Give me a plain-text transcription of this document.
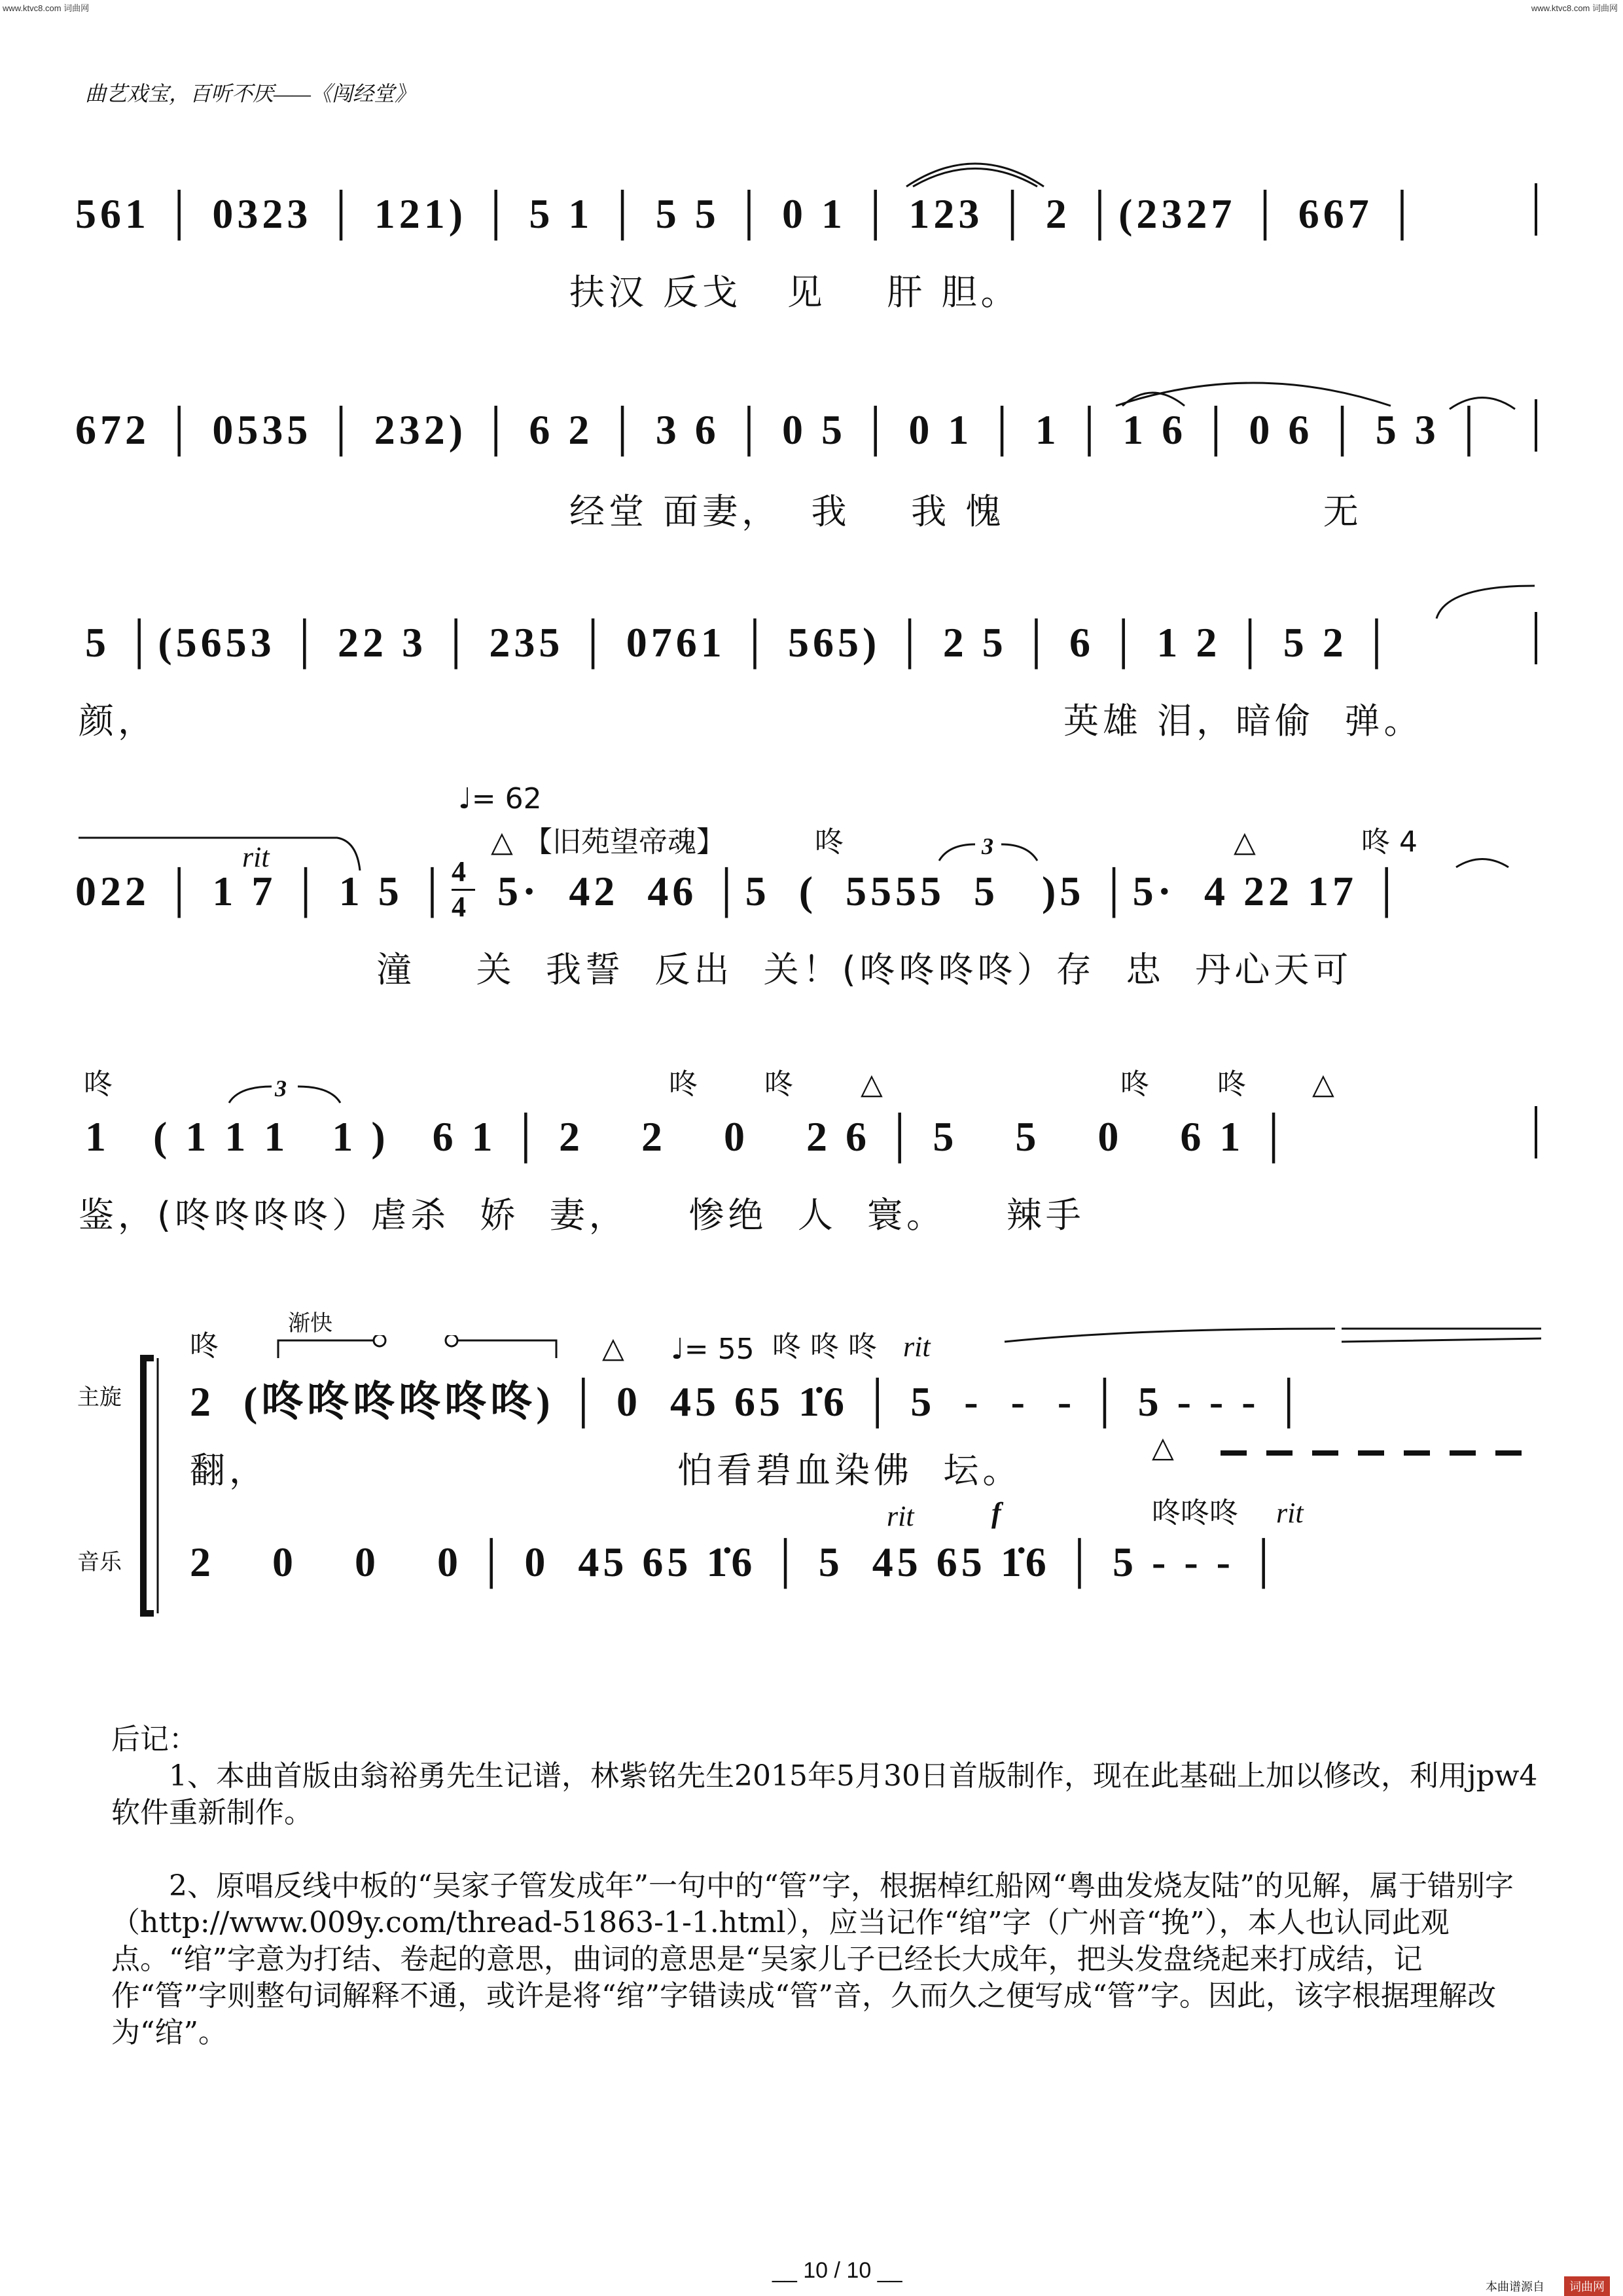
www.ktvc8.com 词曲网	www.ktvc8.com 词曲网
曲艺戏宝，百听不厌——《闯经堂》
561 │ 0323 │ 121) │ 5 1 │ 5 5 │ 0 1 │ 123 │ 2 │(2327 │ 667 │
扶汉 反戈   见    肝 胆。
672 │ 0535 │ 232) │ 6 2 │ 3 6 │ 0 5 │ 0 1 │ 1 │ 1 6 │ 0 6 │ 5 3 │
经堂 面妻，  我    我 愧                     无
5 │(5653 │ 22 3 │ 235 │ 0761 │ 565) │ 2 5 │ 6 │ 1 2 │ 5 2 │
颜，	英雄 泪，暗偷  弹。
♩= 62
△ 【旧苑望帝魂】	咚	△	咚 4
rit	3
022 │ 1 7 │ 1 5 │ 4
4 5·  42  46 │5  (  5555  5   )5 │5·  4 22 17 │
潼    关  我誓  反出  关！(咚咚咚咚）存  忠  丹心天可
咚	咚 咚 △	咚 咚 △
3
1   ( 1 1 1   1 )   6 1 │ 2    2    0    2 6 │ 5    5    0    6 1 │
鉴，(咚咚咚咚）虐杀  娇  妻，    惨绝  人  寰。    辣手
主旋
音乐
咚
渐快
△ ♩= 55 咚 咚 咚 rit
2  (咚咚咚咚咚咚) │ 0  45 65 1̇6 │ 5  -  -  - │ 5 - - - │
翻，	怕看碧血染佛  坛。
△
rit	f	咚咚咚 rit
2    0    0    0 │ 0  45 65 1̇6 │ 5  45 65 1̇6 │ 5 - - - │

后记：

1、本曲首版由翁裕勇先生记谱，林紫铭先生2015年5月30日首版制作，现在此基础上加以修改，利用jpw4软件重新制作。

2、原唱反线中板的“吴家子管发成年”一句中的“管”字，根据棹红船网“粤曲发烧友陆”的见解，属于错别字（http://www.009y.com/thread-51863-1-1.html），应当记作“绾”字（广州音“挽”），本人也认同此观点。“绾”字意为打结、卷起的意思，曲词的意思是“吴家儿子已经长大成年，把头发盘绕起来打成结，记作“管”字则整句词解释不通，或许是将“绾”字错读成“管”音，久而久之便写成“管”字。因此，该字根据理解改为“绾”。

__ 10 / 10 __
本曲谱源自	词曲网
